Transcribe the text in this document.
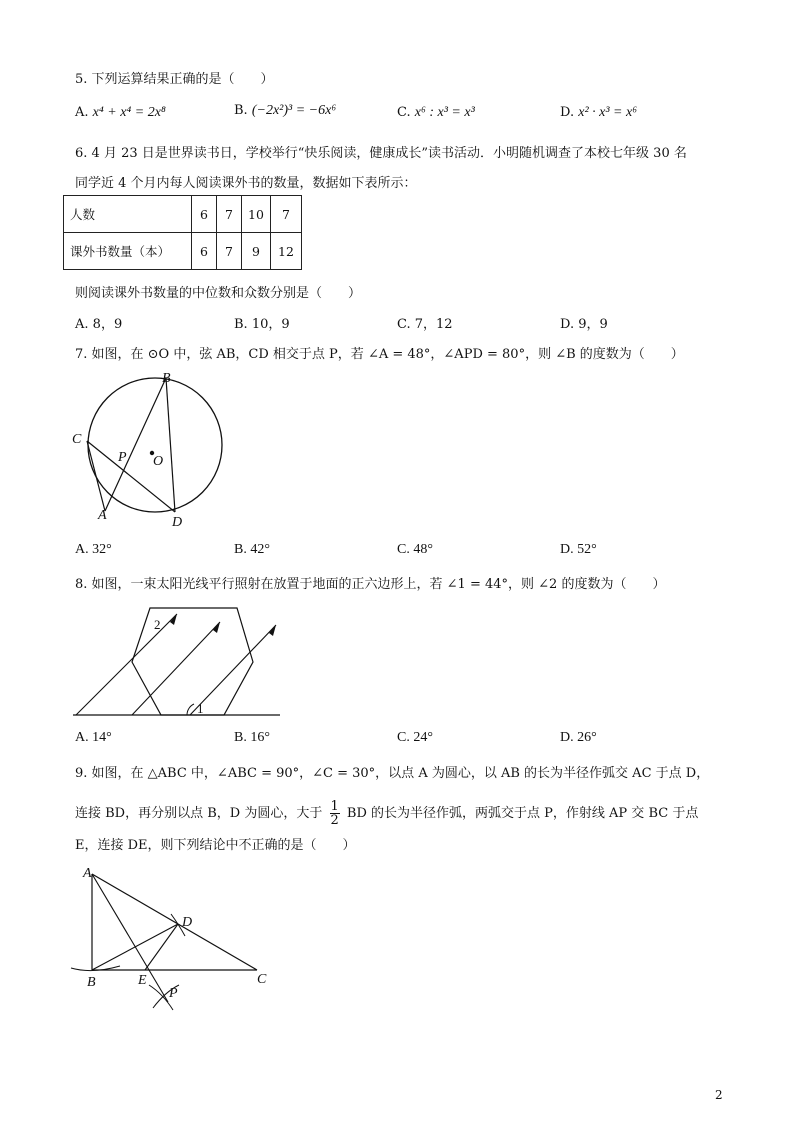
5. 下列运算结果正确的是（　　）
A. x⁴ + x⁴ = 2x⁸	B. (−2x²)³ = −6x⁶	C. x⁶ : x³ = x³	D. x² · x³ = x⁶
6. 4 月 23 日是世界读书日，学校举行“快乐阅读，健康成长”读书活动．小明随机调查了本校七年级 30 名
同学近 4 个月内每人阅读课外书的数量，数据如下表所示：
人数	6	7	10	7
课外书数量（本）	6	7	9	12
则阅读课外书数量的中位数和众数分别是（　　）
A. 8，9	B. 10，9	C. 7，12	D. 9，9
7. 如图，在 ⊙O 中，弦 AB，CD 相交于点 P，若 ∠A = 48°，∠APD = 80°，则 ∠B 的度数为（　　）
B
C
P O
A	D
A. 32°	B. 42°	C. 48°	D. 52°
8. 如图，一束太阳光线平行照射在放置于地面的正六边形上，若 ∠1 = 44°，则 ∠2 的度数为（　　）
1
2
A. 14°	B. 16°	C. 24°	D. 26°
9. 如图，在 △ABC 中，∠ABC = 90°，∠C = 30°，以点 A 为圆心，以 AB 的长为半径作弧交 AC 于点 D，
连接 BD，再分别以点 B，D 为圆心，大于 $\frac{1}{2}$ BD 的长为半径作弧，两弧交于点 P，作射线 AP 交 BC 于点
E，连接 DE，则下列结论中不正确的是（　　）
A
D
B	E
P
C
2
